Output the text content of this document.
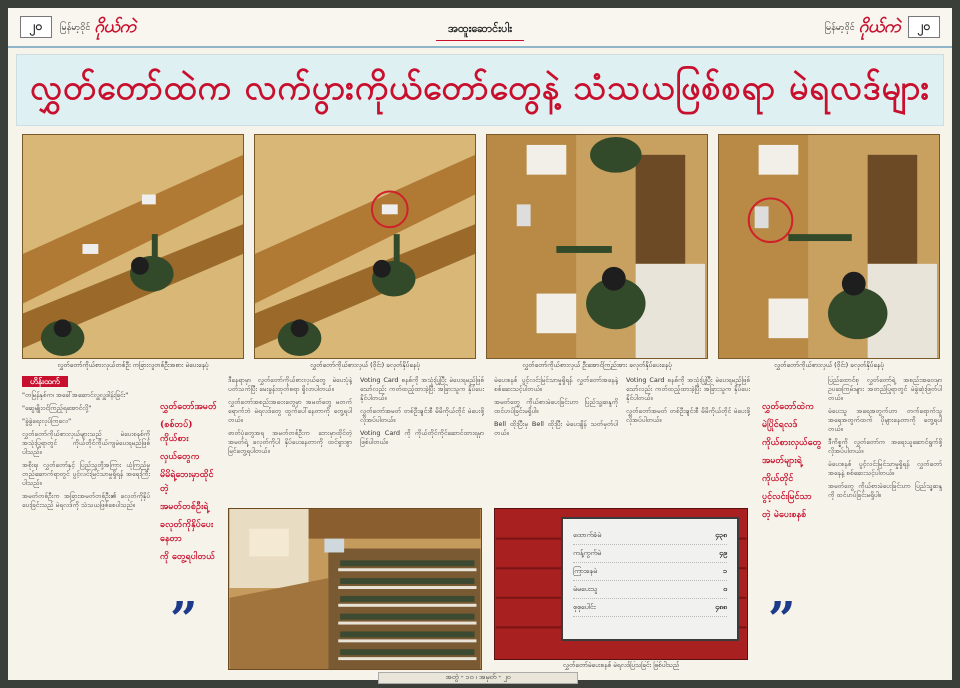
၂၀	မြန်မာ့ဝိုင် ဂိုယ်ကဲ	အထူးဆောင်းပါး	မြန်မာ့ဝိုင် ဂိုယ်ကဲ	၂၀
လွှတ်တော်ထဲက လက်ပွားကိုယ်တော်တွေနဲ့ သံသယဖြစ်စရာ မဲရလဒ်များ
လွှတ်တော်ကိုယ်စားလှယ်တစ်ဦး ကခြားလူတစ်ဦးအစား မဲပေးနေပုံ	လွှတ်တော်ကိုယ်စားလှယ် (ဝိုင်း) ခလုတ်နှိပ်နေပုံ	လွှတ်တော်ကိုယ်စားလှယ် ဦးအောင်ကြည်အား ခလုတ်နှိပ်ပေးနေပုံ	လွှတ်တော်ကိုယ်စားလှယ် (ဝိုင်း) ခလုတ်နှိပ်နေပုံ
ဟိန်းထက်

"တမြန်နှစ်က၊ အခေါ်အဆောင်လှူလှူဒါန်းခြင်း"

"ဆွေမျိုးဝင်ကြည့်ရအောင်လို့"

"ခွဲခွဲရေးလုပ်ကြလေ"

လွှတ်တော်ကိုယ်စားလှယ်များသည် မဲပေးစနစ်ကို အသုံးပြုရာတွင် ကိုယ်တိုင်ကိုယ်ကျမဲပေးရမည်ဖြစ်ပါသည်။

အစိုးရ၊ လွှတ်တော်နှင့် ပြည်သူတို့အကြား ယုံကြည်မှုတည်ဆောက်ရာတွင် ပွင့်လင်းမြင်သာမှုရှိရန် အရေးကြီးပါသည်။

အမတ်တစ်ဦးက အခြားအမတ်တစ်ဦး၏ ခလုတ်ကိုနှိပ်ပေးခြင်းသည် မဲရလဒ်ကို သံသယဖြစ်စေပါသည်။

လွှတ်တော်အမတ်

(စစ်တပ်) ကိုယ်စား

လှယ်တွေက

မိမိရဲ့ဘေးမှာထိုင်တဲ့

အမတ်တစ်ဦးရဲ့

ခလုတ်ကိုနှိပ်ပေးနေတာ

ကို တွေ့ရပါတယ်

”

ဒီနေရာမှာ လွှတ်တော်ကိုယ်စားလှယ်တွေ မဲပေးပုံနဲ့ပတ်သက်ပြီး မေးခွန်းထုတ်စရာ ရှိလာပါတယ်။

လွှတ်တော်အစည်းအဝေးတွေမှာ အမတ်တွေ မတက်ရောက်ဘဲ မဲရလဒ်တွေ ထွက်ပေါ်နေတာကို တွေ့ရပါတယ်။

ဓာတ်ပုံတွေအရ အမတ်တစ်ဦးက ဘေးမှာထိုင်တဲ့ အမတ်ရဲ့ ခလုတ်ကိုပါ နှိပ်ပေးနေတာကို ထင်ရှားစွာ မြင်တွေ့ရပါတယ်။

Voting Card စနစ်ကို အသုံးပြုပြီး မဲပေးရမည်ဖြစ်သော်လည်း ကတ်ထည့်ထားခဲ့ပြီး အခြားသူက နှိပ်ပေးနိုင်ပါတယ်။

လွှတ်တော်အမတ် တစ်ဦးချင်းစီ မိမိကိုယ်တိုင် မဲပေးဖို့ လိုအပ်ပါတယ်။

Voting Card ကို ကိုယ်တိုင်ကိုင်ဆောင်ထားရမှာ ဖြစ်ပါတယ်။

မဲပေးစနစ် ပွင့်လင်းမြင်သာမှုရှိရန် လွှတ်တော်အနေနဲ့ စစ်ဆေးသင့်ပါတယ်။

အမတ်တွေ ကိုယ်စားမဲပေးခြင်းဟာ ပြည်သူ့ဆန္ဒကို ထင်ဟပ်ခြင်းမရှိပါ။

Bell ထိုးပြီးမှ Bell ထိုးပြီး မဲပေးချိန် သတ်မှတ်ပါတယ်။

Voting Card စနစ်ကို အသုံးပြုပြီး မဲပေးရမည်ဖြစ်သော်လည်း ကတ်ထည့်ထားခဲ့ပြီး အခြားသူက နှိပ်ပေးနိုင်ပါတယ်။

လွှတ်တော်အမတ် တစ်ဦးချင်းစီ မိမိကိုယ်တိုင် မဲပေးဖို့ လိုအပ်ပါတယ်။

ထောက်ခံမဲ	၄၃၈
ကန့်ကွက်မဲ	၄၉
ကြားနေမဲ	၁
မဲမပေးသူ	၀
စုစုပေါင်း	၄၈၈
လွှတ်တော်မဲပေးစနစ် မဲရလဒ်ပြသခြင်း ဖြစ်ပါသည်

လွှတ်တော်ထဲက

မဲပြိုင်ရလဒ်

ကိုယ်စားလှယ်တွေ

အမတ်များရဲ့

ကိုယ်တိုင်

ပွင့်လင်းမြင်သာ

တဲ့ မဲပေးစနစ်

”

ပြည်ထောင်စု လွှတ်တော်ရဲ့ အစည်းအဝေးမှာ ဥပဒေကြမ်းများ အတည်ပြုရာတွင် မဲခွဲဆုံးဖြတ်ပါတယ်။

မဲပေးသူ အရေအတွက်ဟာ တက်ရောက်သူအရေအတွက်ထက် ပိုများနေတာကို တွေ့ရပါတယ်။

ဒီကိစ္စကို လွှတ်တော်က အရေးယူဆောင်ရွက်ဖို့ လိုအပ်ပါတယ်။

မဲပေးစနစ် ပွင့်လင်းမြင်သာမှုရှိရန် လွှတ်တော်အနေနဲ့ စစ်ဆေးသင့်ပါတယ်။

အမတ်တွေ ကိုယ်စားမဲပေးခြင်းဟာ ပြည်သူ့ဆန္ဒကို ထင်ဟပ်ခြင်းမရှိပါ။

အတွဲ - ၁၀ ၊ အမှတ် - ၂၀
